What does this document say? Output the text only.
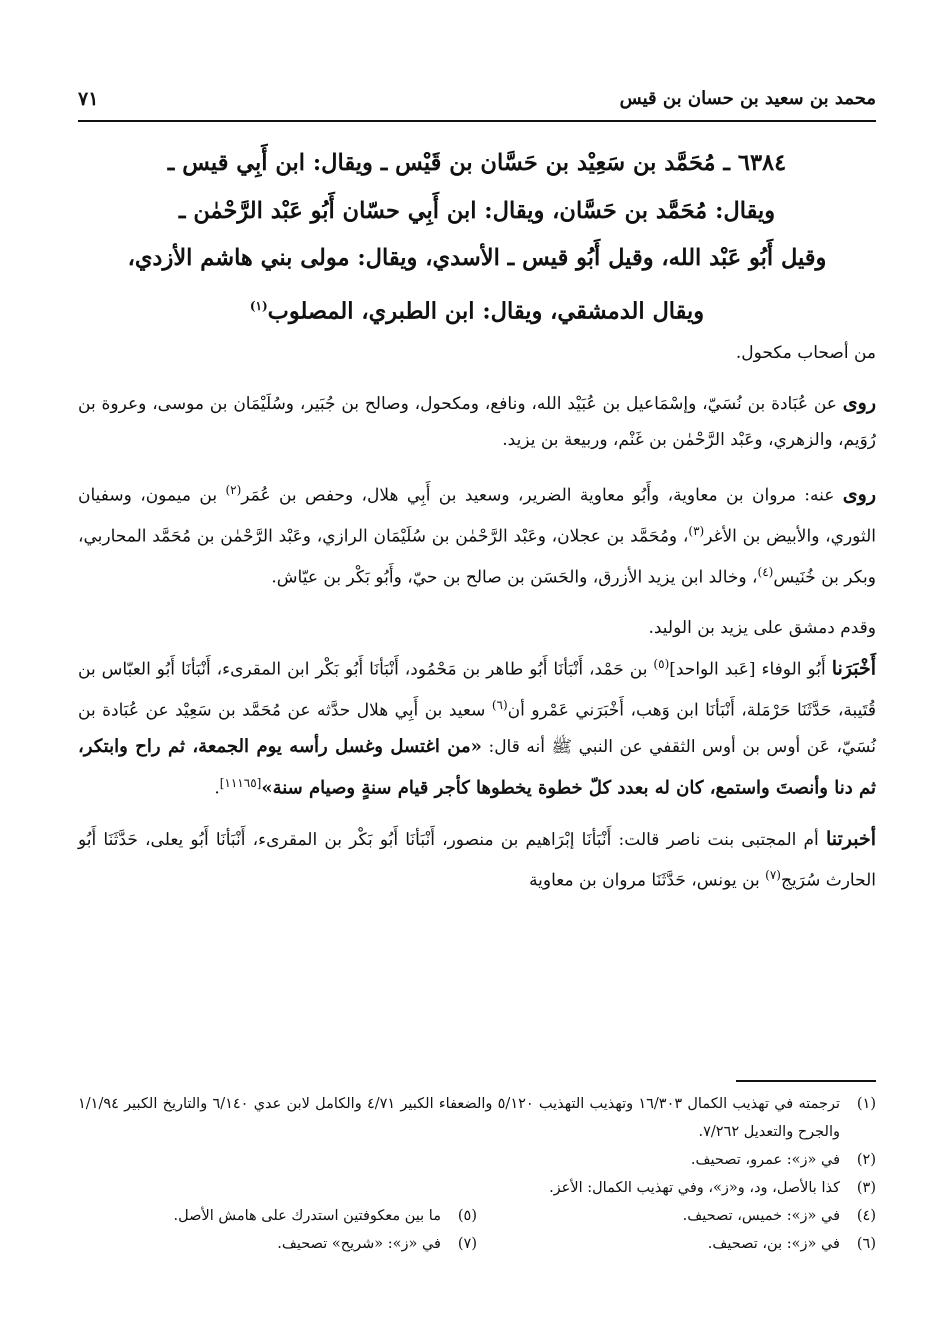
محمد بن سعيد بن حسان بن قيس
٧١
٦٣٨٤ ـ مُحَمَّد بن سَعِيْد بن حَسَّان بن قَيْس ـ ويقال: ابن أَبِي قيس ـ
ويقال: مُحَمَّد بن حَسَّان، ويقال: ابن أَبِي حسّان أَبُو عَبْد الرَّحْمٰن ـ
وقيل أَبُو عَبْد الله، وقيل أَبُو قيس ـ الأسدي، ويقال: مولى بني هاشم الأزدي،
ويقال الدمشقي، ويقال: ابن الطبري، المصلوب$^{(١)}$

من أصحاب مكحول.

روى عن عُبَادة بن نُسَيّ، وإسْمَاعيل بن عُبَيْد الله، ونافع، ومكحول، وصالح بن جُبَير، وسُلَيْمَان بن موسى، وعروة بن رُوَيم، والزهري، وعَبْد الرَّحْمٰن بن غَنْم، وربيعة بن يزيد.

روى عنه: مروان بن معاوية، وأَبُو معاوية الضرير، وسعيد بن أَبِي هلال، وحفص بن عُمَر$^{(٢)}$ بن ميمون، وسفيان الثوري، والأبيض بن الأغر$^{(٣)}$، ومُحَمَّد بن عجلان، وعَبْد الرَّحْمٰن بن سُلَيْمَان الرازي، وعَبْد الرَّحْمٰن بن مُحَمَّد المحاربي، وبكر بن خُنَيس$^{(٤)}$، وخالد ابن يزيد الأزرق، والحَسَن بن صالح بن حيّ، وأَبُو بَكْر بن عيّاش.

وقدم دمشق على يزيد بن الوليد.

أَخْبَرَنا أَبُو الوفاء [عَبد الواحد]$^{(٥)}$ بن حَمْد، أَنْبَأنَا أَبُو طاهر بن مَحْمُود، أَنْبَأنَا أَبُو بَكْر ابن المقرىء، أَنْبَأنَا أَبُو العبّاس بن قُتَيبة، حَدَّثَنَا حَرْمَلة، أَنْبَأنَا ابن وَهب، أَخْبَرَني عَمْرو أن$^{(٦)}$ سعيد بن أَبِي هلال حدَّثه عن مُحَمَّد بن سَعِيْد عن عُبَادة بن نُسَيّ، عَن أوس بن أوس الثقفي عن النبي ﷺ أنه قال: «من اغتسل وغسل رأسه يوم الجمعة، ثم راح وابتكر، ثم دنا وأنصتَ واستمع، كان له بعدد كلّ خطوة يخطوها كأجر قيام سنةٍ وصيام سنة»[١١١٦٥].

أخبرتنا أم المجتبى بنت ناصر قالت: أَنْبَأنَا إبْرَاهيم بن منصور، أَنْبَأنَا أَبُو بَكْر بن المقرىء، أَنْبَأنَا أَبُو يعلى، حَدَّثَنَا أَبُو الحارث سُرَيج$^{(٧)}$ بن يونس، حَدَّثَنَا مروان بن معاوية

(١)
ترجمته في تهذيب الكمال ١٦/٣٠٣ وتهذيب التهذيب ٥/١٢٠ والضعفاء الكبير ٤/٧١ والكامل لابن عدي ٦/١٤٠ والتاريخ الكبير ١/١/٩٤ والجرح والتعديل ٧/٢٦٢.
(٢)
في «ز»: عمرو، تصحيف.
(٣)
كذا بالأصل، ود، و«ز»، وفي تهذيب الكمال: الأعز.
(٤)
في «ز»: خميس، تصحيف.
(٥)
ما بين معكوفتين استدرك على هامش الأصل.
(٦)
في «ز»: بن، تصحيف.
(٧)
في «ز»: «شريح» تصحيف.
